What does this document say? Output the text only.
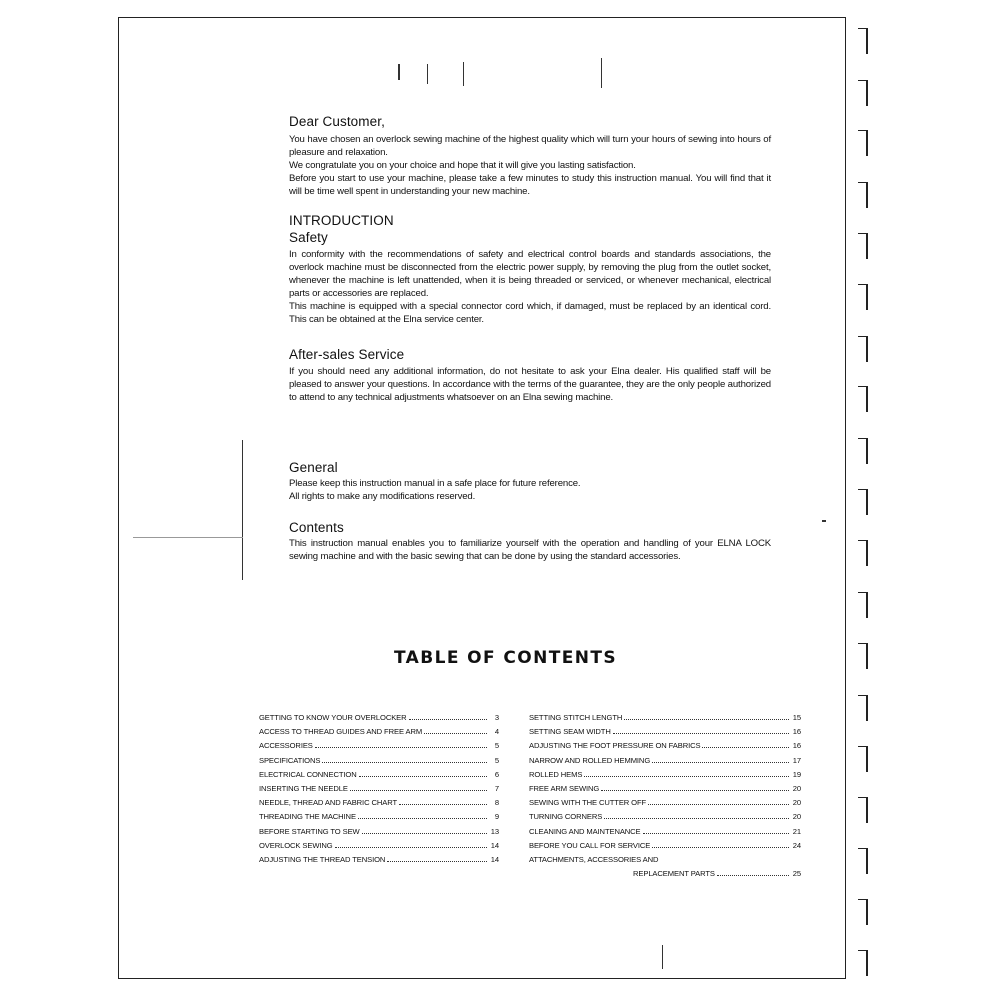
Dear Customer,

You have chosen an overlock sewing machine of the highest quality which will turn your hours of sewing into hours of pleasure and relaxation.

We congratulate you on your choice and hope that it will give you lasting satisfaction.

Before you start to use your machine, please take a few minutes to study this instruction manual. You will find that it will be time well spent in understanding your new machine.

INTRODUCTION
Safety

In conformity with the recommendations of safety and electrical control boards and standards associations, the overlock machine must be disconnected from the electric power supply, by removing the plug from the outlet socket, whenever the machine is left unattended, when it is being threaded or serviced, or whenever mechanical, electrical parts or accessories are replaced.

This machine is equipped with a special connector cord which, if damaged, must be replaced by an identical cord. This can be obtained at the Elna service center.

After-sales Service

If you should need any additional information, do not hesitate to ask your Elna dealer. His qualified staff will be pleased to answer your questions. In accordance with the terms of the guarantee, they are the only people authorized to attend to any technical adjustments whatsoever on an Elna sewing machine.

General

Please keep this instruction manual in a safe place for future reference.

All rights to make any modifications reserved.

Contents

This instruction manual enables you to familiarize yourself with the operation and handling of your ELNA LOCK sewing machine and with the basic sewing that can be done by using the standard accessories.

TABLE OF CONTENTS
GETTING TO KNOW YOUR OVERLOCKER	3
ACCESS TO THREAD GUIDES AND FREE ARM	4
ACCESSORIES	5
SPECIFICATIONS	5
ELECTRICAL CONNECTION	6
INSERTING THE NEEDLE	7
NEEDLE, THREAD AND FABRIC CHART	8
THREADING THE MACHINE	9
BEFORE STARTING TO SEW	13
OVERLOCK SEWING	14
ADJUSTING THE THREAD TENSION	14
SETTING STITCH LENGTH	15
SETTING SEAM WIDTH	16
ADJUSTING THE FOOT PRESSURE ON FABRICS	16
NARROW AND ROLLED HEMMING	17
ROLLED HEMS	19
FREE ARM SEWING	20
SEWING WITH THE CUTTER OFF	20
TURNING CORNERS	20
CLEANING AND MAINTENANCE	21
BEFORE YOU CALL FOR SERVICE	24
ATTACHMENTS, ACCESSORIES AND
REPLACEMENT PARTS	25
